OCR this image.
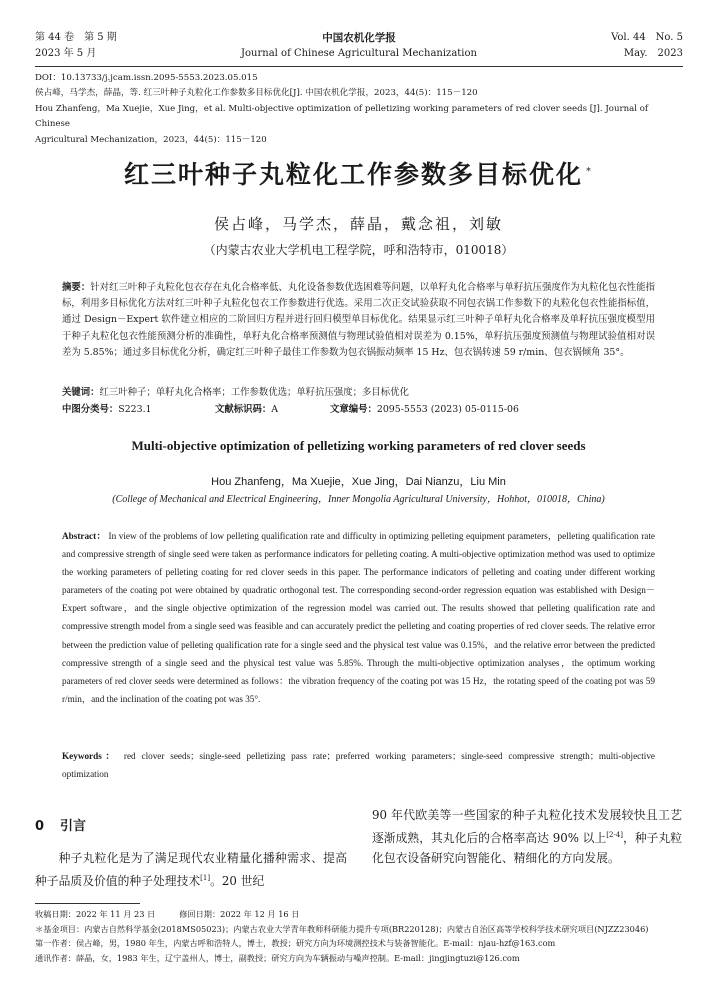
第 44 卷　第 5 期
2023 年 5 月
中国农机化学报
Journal of Chinese Agricultural Mechanization
Vol. 44　No. 5
May.　2023
DOI：10.13733/j.jcam.issn.2095-5553.2023.05.015
侯占峰，马学杰，薛晶，等. 红三叶种子丸粒化工作参数多目标优化[J]. 中国农机化学报，2023，44(5)：115－120
Hou Zhanfeng，Ma Xuejie，Xue Jing，et al. Multi-objective optimization of pelletizing working parameters of red clover seeds [J]. Journal of Chinese
Agricultural Mechanization，2023，44(5)：115－120
红三叶种子丸粒化工作参数多目标优化 *
侯占峰，马学杰，薛晶，戴念祖，刘敏
（内蒙古农业大学机电工程学院，呼和浩特市，010018）
摘要：针对红三叶种子丸粒化包衣存在丸化合格率低、丸化设备参数优选困难等问题，以单籽丸化合格率与单籽抗压强度作为丸粒化包衣性能指标，利用多目标优化方法对红三叶种子丸粒化包衣工作参数进行优选。采用二次正交试验获取不同包衣锅工作参数下的丸粒化包衣性能指标值，通过 Design－Expert 软件建立相应的二阶回归方程并进行回归模型单目标优化。结果显示红三叶种子单籽丸化合格率及单籽抗压强度模型用于种子丸粒化包衣性能预测分析的准确性，单籽丸化合格率预测值与物理试验值相对误差为 0.15%，单籽抗压强度预测值与物理试验值相对误差为 5.85%；通过多目标优化分析，确定红三叶种子最佳工作参数为包衣锅振动频率 15 Hz、包衣锅转速 59 r/min、包衣锅倾角 35°。
关键词：红三叶种子；单籽丸化合格率；工作参数优选；单籽抗压强度；多目标优化
中图分类号：S223.1	文献标识码：A	文章编号：2095-5553 (2023) 05-0115-06
Multi-objective optimization of pelletizing working parameters of red clover seeds
Hou Zhanfeng，Ma Xuejie，Xue Jing，Dai Nianzu，Liu Min
(College of Mechanical and Electrical Engineering，Inner Mongolia Agricultural University，Hohhot，010018，China)
Abstract： In view of the problems of low pelleting qualification rate and difficulty in optimizing pelleting equipment parameters，pelleting qualification rate and compressive strength of single seed were taken as performance indicators for pelleting coating. A multi-objective optimization method was used to optimize the working parameters of pelleting coating for red clover seeds in this paper. The performance indicators of pelleting and coating under different working parameters of the coating pot were obtained by quadratic orthogonal test. The corresponding second-order regression equation was established with Design－Expert software，and the single objective optimization of the regression model was carried out. The results showed that pelleting qualification rate and compressive strength model from a single seed was feasible and can accurately predict the pelleting and coating properties of red clover seeds. The relative error between the prediction value of pelleting qualification rate for a single seed and the physical test value was 0.15%，and the relative error between the predicted compressive strength of a single seed and the physical test value was 5.85%. Through the multi-objective optimization analyses，the optimum working parameters of red clover seeds were determined as follows：the vibration frequency of the coating pot was 15 Hz，the rotating speed of the coating pot was 59 r/min，and the inclination of the coating pot was 35°.
Keywords： red clover seeds；single-seed pelletizing pass rate；preferred working parameters；single-seed compressive strength；multi-objective optimization
0 引言
种子丸粒化是为了满足现代农业精量化播种需求、提高种子品质及价值的种子处理技术[1]。20 世纪
90 年代欧美等一些国家的种子丸粒化技术发展较快且工艺逐渐成熟，其丸化后的合格率高达 90% 以上[2-4]，种子丸粒化包衣设备研究向智能化、精细化的方向发展。
收稿日期：2022 年 11 月 23 日	修回日期：2022 年 12 月 16 日
＊基金项目：内蒙古自然科学基金(2018MS05023)；内蒙古农业大学青年教师科研能力提升专项(BR220128)；内蒙古自治区高等学校科学技术研究项目(NJZZ23046)
第一作者：侯占峰，男，1980 年生，内蒙古呼和浩特人，博士，教授；研究方向为环境测控技术与装备智能化。E-mail：njau-hzf@163.com
通讯作者：薛晶，女，1983 年生，辽宁盖州人，博士，副教授；研究方向为车辆振动与噪声控制。E-mail：jingjingtuzi@126.com
